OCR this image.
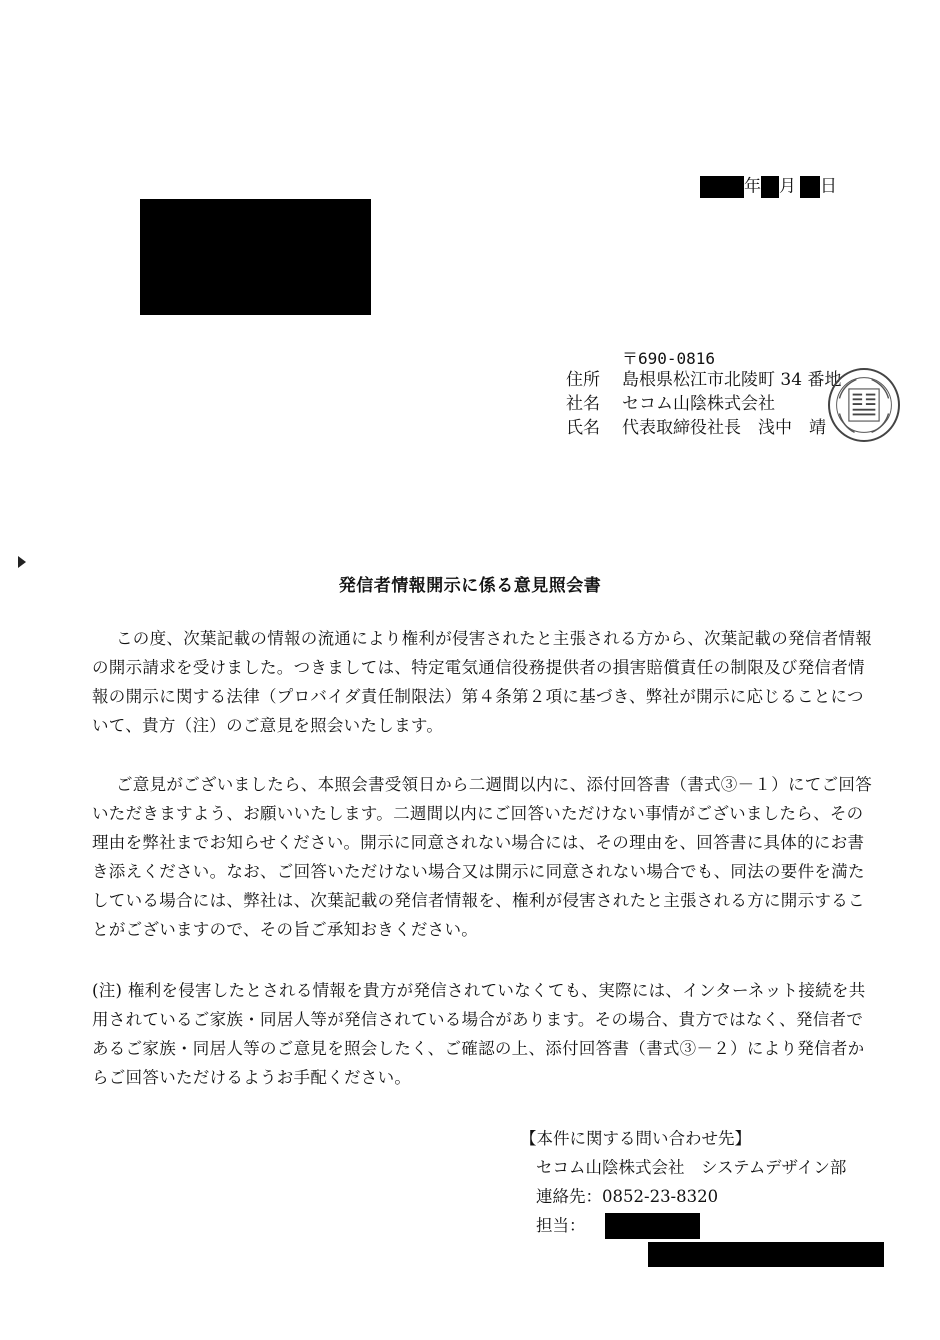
年 月 日
〒690-0816
住所 島根県松江市北陵町 34 番地
社名 セコム山陰株式会社
氏名 代表取締役社長　浅中　靖
発信者情報開示に係る意見照会書
この度、次葉記載の情報の流通により権利が侵害されたと主張される方から、次葉記載の発信者情報
の開示請求を受けました。つきましては、特定電気通信役務提供者の損害賠償責任の制限及び発信者情
報の開示に関する法律（プロバイダ責任制限法）第４条第２項に基づき、弊社が開示に応じることにつ
いて、貴方（注）のご意見を照会いたします。
ご意見がございましたら、本照会書受領日から二週間以内に、添付回答書（書式③－１）にてご回答
いただきますよう、お願いいたします。二週間以内にご回答いただけない事情がございましたら、その
理由を弊社までお知らせください。開示に同意されない場合には、その理由を、回答書に具体的にお書
き添えください。なお、ご回答いただけない場合又は開示に同意されない場合でも、同法の要件を満た
している場合には、弊社は、次葉記載の発信者情報を、権利が侵害されたと主張される方に開示するこ
とがございますので、その旨ご承知おきください。
(注) 権利を侵害したとされる情報を貴方が発信されていなくても、実際には、インターネット接続を共
用されているご家族・同居人等が発信されている場合があります。その場合、貴方ではなく、発信者で
あるご家族・同居人等のご意見を照会したく、ご確認の上、添付回答書（書式③－２）により発信者か
らご回答いただけるようお手配ください。
【本件に関する問い合わせ先】
セコム山陰株式会社　システムデザイン部
連絡先：0852-23-8320
担当：
